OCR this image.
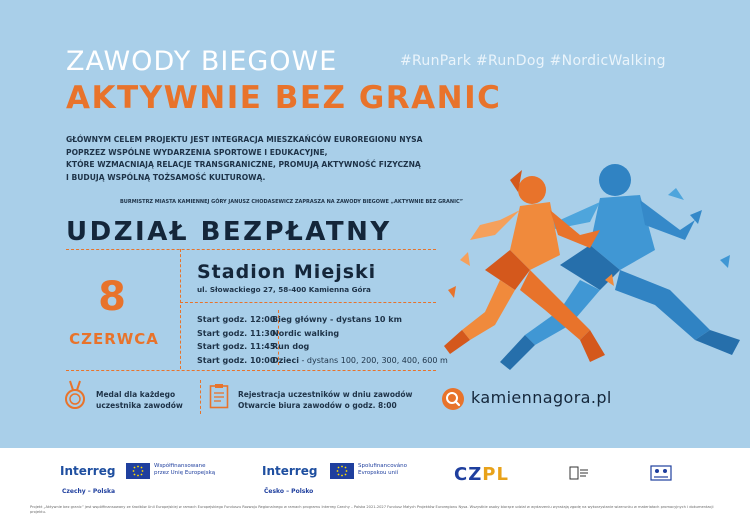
ZAWODY BIEGOWE	#RunPark #RunDog #NordicWalking
AKTYWNIE BEZ GRANIC
GŁÓWNYM CELEM PROJEKTU JEST INTEGRACJA MIESZKAŃCÓW EUROREGIONU NYSA
POPRZEZ WSPÓLNE WYDARZENIA SPORTOWE I EDUKACYJNE,
KTÓRE WZMACNIAJĄ RELACJE TRANSGRANICZNE, PROMUJĄ AKTYWNOŚĆ FIZYCZNĄ
I BUDUJĄ WSPÓLNĄ TOŻSAMOŚĆ KULTUROWĄ.
BURMISTRZ MIASTA KAMIENNEJ GÓRY JANUSZ CHODASEWICZ ZAPRASZA NA ZAWODY BIEGOWE „AKTYWNIE BEZ GRANIC”
UDZIAŁ BEZPŁATNY
8
CZERWCA
Stadion Miejski
ul. Słowackiego 27, 58-400 Kamienna Góra
Start godz. 12:00
Bieg główny - dystans 10 km
Start godz. 11:30
Nordic walking
Start godz. 11:45
Run dog
Start godz. 10:00
Dzieci - dystans 100, 200, 300, 400, 600 m
Medal dla każdego
uczestnika zawodów
Rejestracja uczestników w dniu zawodów
Otwarcie biura zawodów o godz. 8:00	kamiennagora.pl
Interreg	Współfinansowane
przez Unię Europejską
Czechy – Polska
Interreg	Spolufinancováno
Evropskou unií
Česko – Polsko
CZPL
Projekt „Aktywnie bez granic” jest współfinansowany ze środków Unii Europejskiej w ramach Europejskiego Funduszu Rozwoju Regionalnego w ramach programu Interreg Czechy – Polska 2021-2027 Fundusz Małych Projektów Euroregionu Nysa. Wszystkie osoby biorące udział w wydarzeniu wyrażają zgodę na wykorzystanie wizerunku w materiałach promocyjnych i dokumentacji projektu.
